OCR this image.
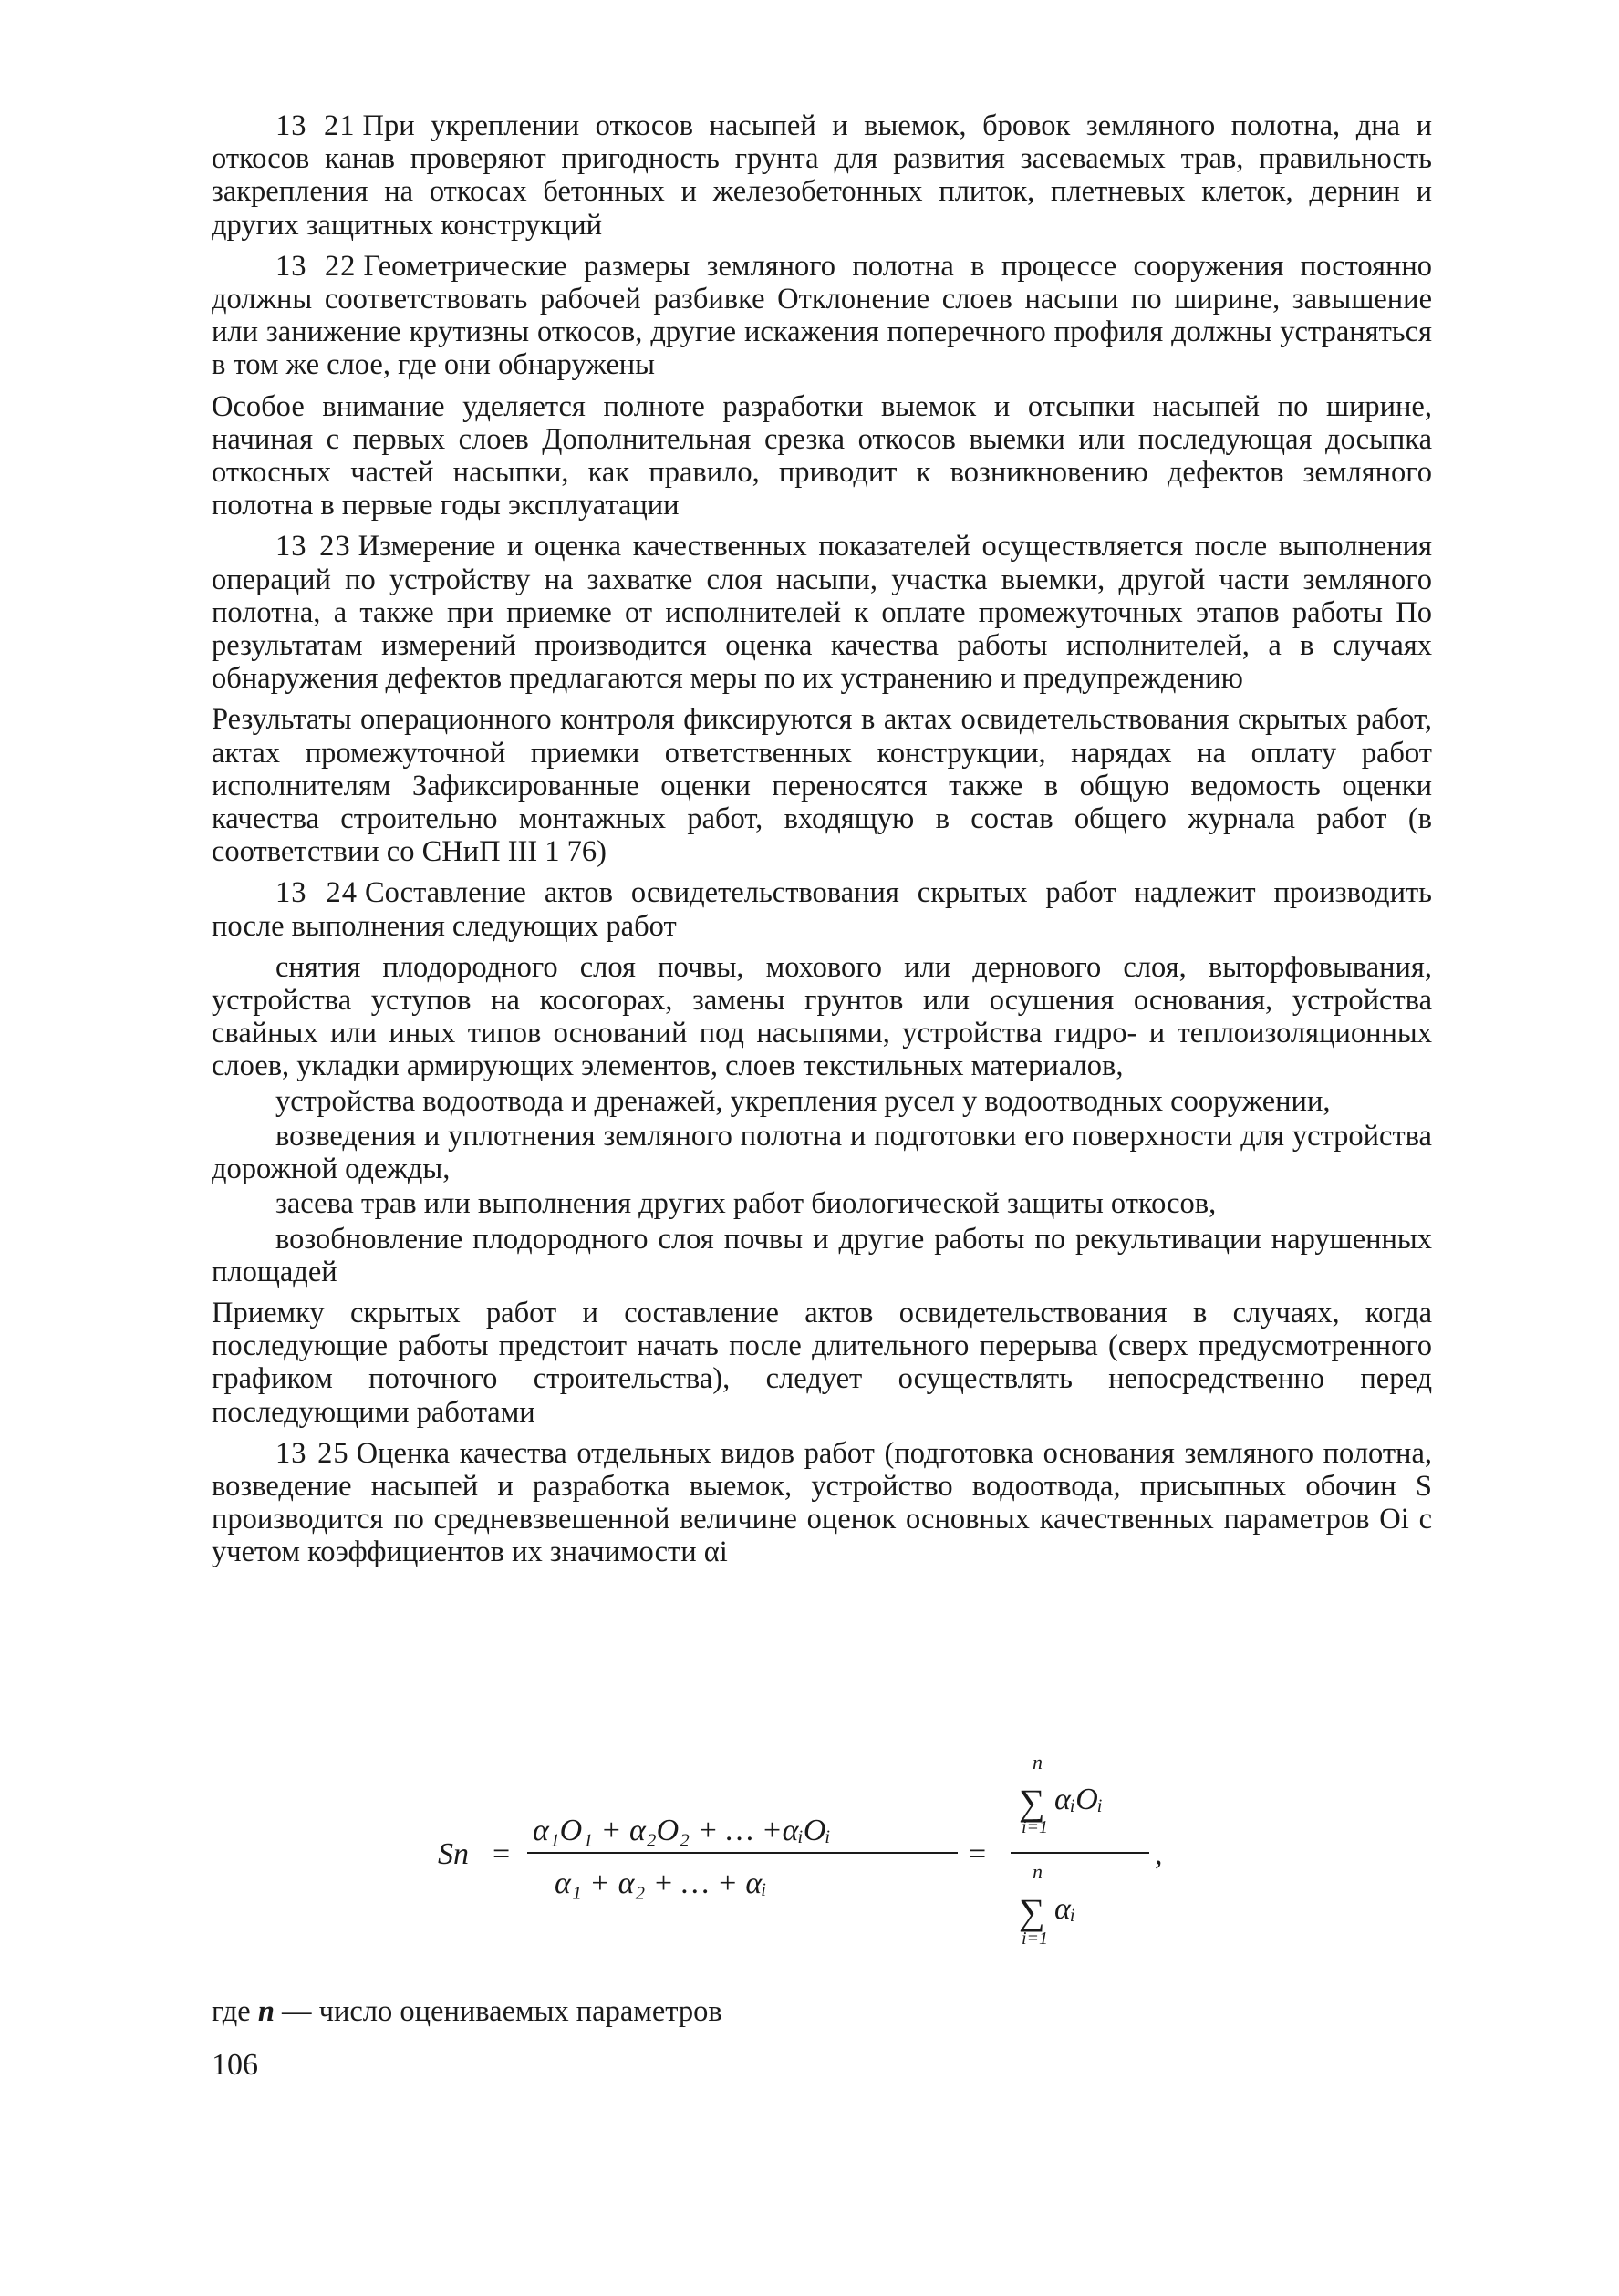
13 21 При укреплении откосов насыпей и выемок, бровок земляного полотна, дна и откосов канав проверяют пригодность грунта для развития засеваемых трав, правильность закрепления на откосах бетонных и железобетонных плиток, плетневых клеток, дернин и других защитных конструкций

13 22 Геометрические размеры земляного полотна в процессе сооружения постоянно должны соответствовать рабочей разбивке Отклонение слоев насыпи по ширине, завышение или занижение крутизны откосов, другие искажения поперечного профиля должны устраняться в том же слое, где они обнаружены

Особое внимание уделяется полноте разработки выемок и отсыпки насыпей по ширине, начиная с первых слоев Дополнительная срезка откосов выемки или последующая досыпка откосных частей насыпки, как правило, приводит к возникновению дефектов земляного полотна в первые годы эксплуатации

13 23 Измерение и оценка качественных показателей осуществляется после выполнения операций по устройству на захватке слоя насыпи, участка выемки, другой части земляного полотна, а также при приемке от исполнителей к оплате промежуточных этапов работы По результатам измерений производится оценка качества работы исполнителей, а в случаях обнаружения дефектов предлагаются меры по их устранению и предупреждению

Результаты операционного контроля фиксируются в актах освидетельствования скрытых работ, актах промежуточной приемки ответственных конструкции, нарядах на оплату работ исполнителям Зафиксированные оценки переносятся также в общую ведомость оценки качества строительно монтажных работ, входящую в состав общего журнала работ (в соответствии со СНиП III 1 76)

13 24 Составление актов освидетельствования скрытых работ надлежит производить после выполнения следующих работ

снятия плодородного слоя почвы, мохового или дернового слоя, выторфовывания, устройства уступов на косогорах, замены грунтов или осушения основания, устройства свайных или иных типов оснований под насыпями, устройства гидро- и теплоизоляционных слоев, укладки армирующих элементов, слоев текстильных материалов,

устройства водоотвода и дренажей, укрепления русел у водоотводных сооружении,

возведения и уплотнения земляного полотна и подготовки его поверхности для устройства дорожной одежды,

засева трав или выполнения других работ биологической защиты откосов,

возобновление плодородного слоя почвы и другие работы по рекультивации нарушенных площадей

Приемку скрытых работ и составление актов освидетельствования в случаях, когда последующие работы предстоит начать после длительного перерыва (сверх предусмотренного графиком поточного строительства), следует осуществлять непосредственно перед последующими работами

13 25 Оценка качества отдельных видов работ (подготовка основания земляного полотна, возведение насыпей и разработка выемок, устройство водоотвода, присыпных обочин S производится по средневзвешенной величине оценок основных качественных параметров Oi с учетом коэффициентов их значимости αi

Sп =
α₁O₁ + α₂O₂ + … +αᵢOᵢ
α₁ + α₂ + … + αᵢ
=
n
∑
i=1
αᵢOᵢ
n
∑
i=1
αᵢ
,
где n — число оцениваемых параметров
106
